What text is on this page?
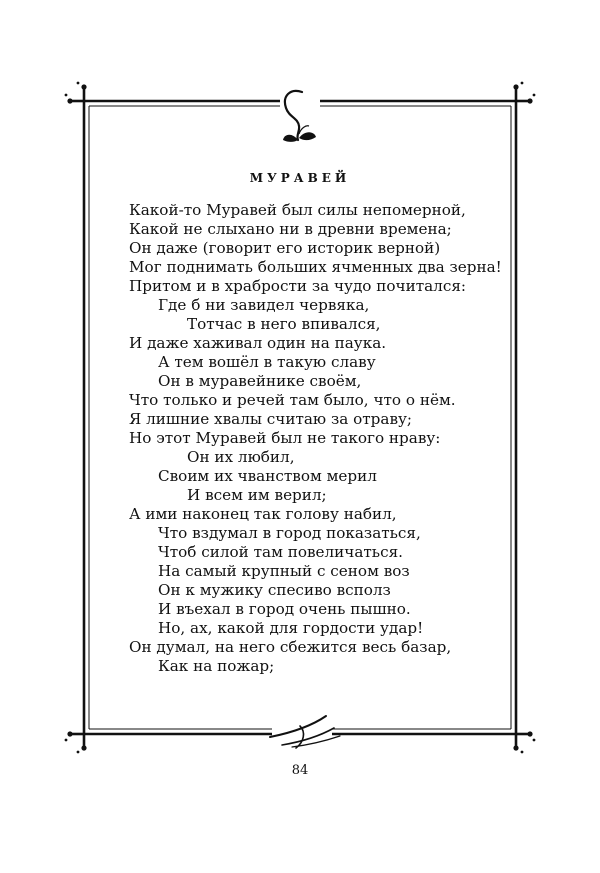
МУРАВЕЙ
Какой-то Муравей был силы непомерной,
Какой не слыхано ни в древни времена;
Он даже (говорит его историк верной)
Мог поднимать больших ячменных два зерна!
Притом и в храбрости за чудо почитался:
Где б ни завидел червяка,
Тотчас в него впивался,
И даже хаживал один на паука.
А тем вошёл в такую славу
Он в муравейнике своём,
Что только и речей там было, что о нём.
Я лишние хвалы считаю за отраву;
Но этот Муравей был не такого нраву:
Он их любил,
Своим их чванством мерил
И всем им верил;
А ими наконец так голову набил,
Что вздумал в город показаться,
Чтоб силой там повеличаться.
На самый крупный с сеном воз
Он к мужику спесиво всполз
И въехал в город очень пышно.
Но, ах, какой для гордости удар!
Он думал, на него сбежится весь базар,
Как на пожар;
84
